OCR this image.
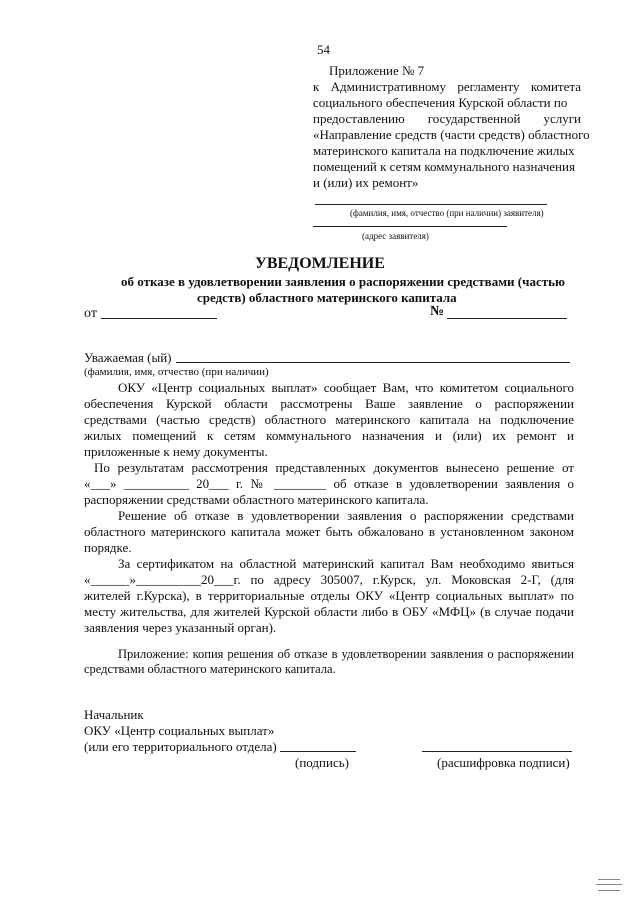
54
Приложение № 7
к Административному регламенту комитета
социального обеспечения Курской области по
предоставлению государственной услуги
«Направление средств (части средств) областного
материнского капитала на подключение жилых
помещений к сетям коммунального назначения
и (или) их ремонт»
(фамилия, имя, отчество (при наличии) заявителя)
(адрес заявителя)
УВЕДОМЛЕНИЕ
об отказе в удовлетворении заявления о распоряжении средствами (частью
средств) областного материнского капитала
от	№
Уважаемая (ый)
(фамилия, имя, отчество (при наличии)
ОКУ «Центр социальных выплат» сообщает Вам, что комитетом социального
обеспечения Курской области рассмотрены Ваше заявление о распоряжении
средствами (частью средств) областного материнского капитала на подключение
жилых помещений к сетям коммунального назначения и (или) их ремонт и
приложенные к нему документы.
По результатам рассмотрения представленных документов вынесено решение от
«___» __________ 20___ г. № ________ об отказе в удовлетворении заявления о
распоряжении средствами областного материнского капитала.
Решение об отказе в удовлетворении заявления о распоряжении средствами
областного материнского капитала может быть обжаловано в установленном законом
порядке.
За сертификатом на областной материнский капитал Вам необходимо явиться
«______»__________20___г. по адресу 305007, г.Курск, ул. Моковская 2-Г, (для
жителей г.Курска), в территориальные отделы ОКУ «Центр социальных выплат» по
месту жительства, для жителей Курской области либо в ОБУ «МФЦ» (в случае подачи
заявления через указанный орган).
Приложение: копия решения об отказе в удовлетворении заявления о распоряжении
средствами областного материнского капитала.
Начальник
ОКУ «Центр социальных выплат»
(или его территориального отдела)
(подпись)	(расшифровка подписи)
